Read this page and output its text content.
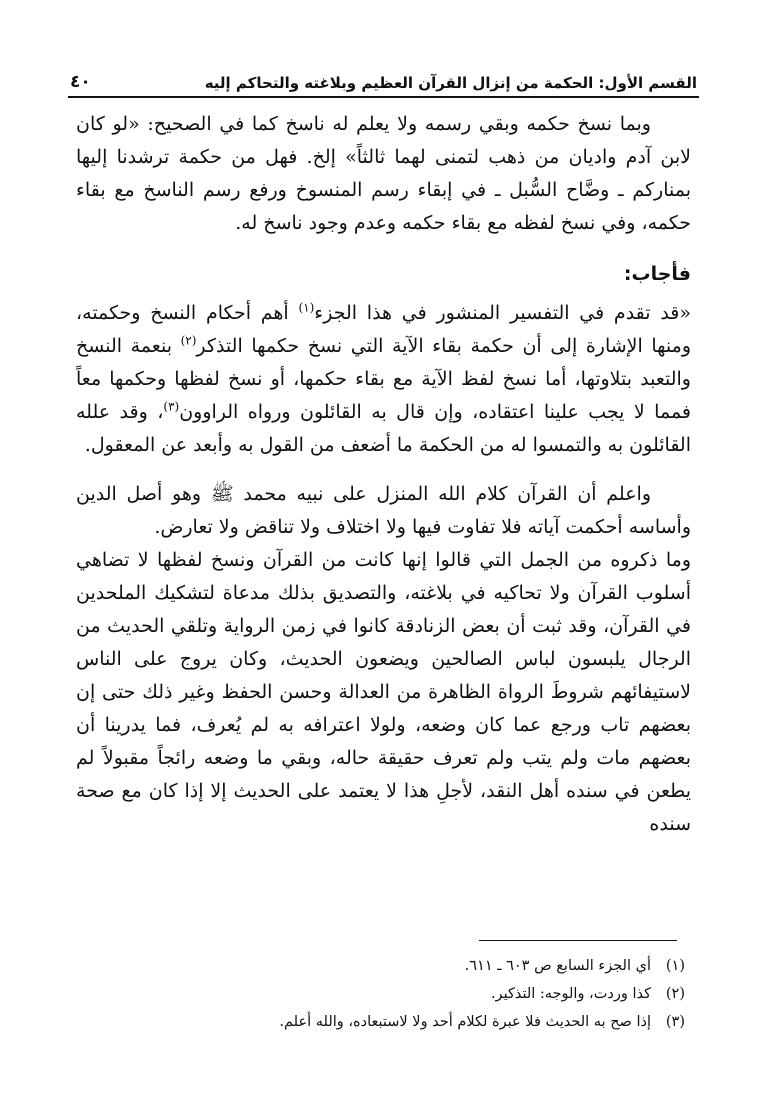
القسم الأول: الحكمة من إنزال القرآن العظيم وبلاغته والتحاكم إليه
٤٠

وبما نسخ حكمه وبقي رسمه ولا يعلم له ناسخ كما في الصحيح: «لو كان لابن آدم واديان من ذهب لتمنى لهما ثالثاً» إلخ. فهل من حكمة ترشدنا إليها بمناركم ـ وضَّاح السُّبل ـ في إبقاء رسم المنسوخ ورفع رسم الناسخ مع بقاء حكمه، وفي نسخ لفظه مع بقاء حكمه وعدم وجود ناسخ له.

فأجاب:

«قد تقدم في التفسير المنشور في هذا الجزء$^{(١)}$ أهم أحكام النسخ وحكمته، ومنها الإشارة إلى أن حكمة بقاء الآية التي نسخ حكمها التذكر$^{(٢)}$ بنعمة النسخ والتعبد بتلاوتها، أما نسخ لفظ الآية مع بقاء حكمها، أو نسخ لفظها وحكمها معاً فمما لا يجب علينا اعتقاده، وإن قال به القائلون ورواه الراوون$^{(٣)}$، وقد علله القائلون به والتمسوا له من الحكمة ما أضعف من القول به وأبعد عن المعقول.

واعلم أن القرآن كلام الله المنزل على نبيه محمد ﷺ وهو أصل الدين وأساسه أحكمت آياته فلا تفاوت فيها ولا اختلاف ولا تناقض ولا تعارض.

وما ذكروه من الجمل التي قالوا إنها كانت من القرآن ونسخ لفظها لا تضاهي أسلوب القرآن ولا تحاكيه في بلاغته، والتصديق بذلك مدعاة لتشكيك الملحدين في القرآن، وقد ثبت أن بعض الزنادقة كانوا في زمن الرواية وتلقي الحديث من الرجال يلبسون لباس الصالحين ويضعون الحديث، وكان يروج على الناس لاستيفائهم شروطَ الرواة الظاهرة من العدالة وحسن الحفظ وغير ذلك حتى إن بعضهم تاب ورجع عما كان وضعه، ولولا اعترافه به لم يُعرف، فما يدرينا أن بعضهم مات ولم يتب ولم تعرف حقيقة حاله، وبقي ما وضعه رائجاً مقبولاً لم يطعن في سنده أهل النقد، لأجلِ هذا لا يعتمد على الحديث إلا إذا كان مع صحة سنده

(١)أي الجزء السابع ص ٦٠٣ ـ ٦١١.
(٢)كذا وردت، والوجه: التذكير.
(٣)إذا صح به الحديث فلا عبرة لكلام أحد ولا لاستبعاده، والله أعلم.
